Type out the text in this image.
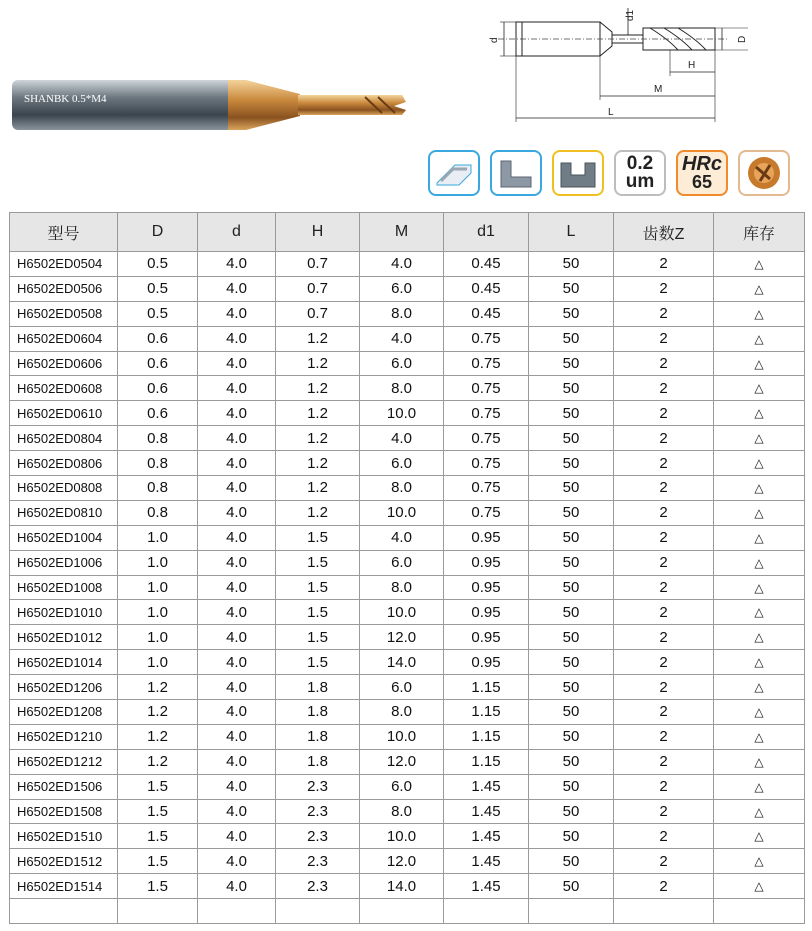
SHANBK 0.5*M4
d
d1
D
H
M
L
0.2
um
HRc
65
型号	D	d	H	M	d1	L	齿数Z	库存
H6502ED0504	0.5	4.0	0.7	4.0	0.45	50	2	△
H6502ED0506	0.5	4.0	0.7	6.0	0.45	50	2	△
H6502ED0508	0.5	4.0	0.7	8.0	0.45	50	2	△
H6502ED0604	0.6	4.0	1.2	4.0	0.75	50	2	△
H6502ED0606	0.6	4.0	1.2	6.0	0.75	50	2	△
H6502ED0608	0.6	4.0	1.2	8.0	0.75	50	2	△
H6502ED0610	0.6	4.0	1.2	10.0	0.75	50	2	△
H6502ED0804	0.8	4.0	1.2	4.0	0.75	50	2	△
H6502ED0806	0.8	4.0	1.2	6.0	0.75	50	2	△
H6502ED0808	0.8	4.0	1.2	8.0	0.75	50	2	△
H6502ED0810	0.8	4.0	1.2	10.0	0.75	50	2	△
H6502ED1004	1.0	4.0	1.5	4.0	0.95	50	2	△
H6502ED1006	1.0	4.0	1.5	6.0	0.95	50	2	△
H6502ED1008	1.0	4.0	1.5	8.0	0.95	50	2	△
H6502ED1010	1.0	4.0	1.5	10.0	0.95	50	2	△
H6502ED1012	1.0	4.0	1.5	12.0	0.95	50	2	△
H6502ED1014	1.0	4.0	1.5	14.0	0.95	50	2	△
H6502ED1206	1.2	4.0	1.8	6.0	1.15	50	2	△
H6502ED1208	1.2	4.0	1.8	8.0	1.15	50	2	△
H6502ED1210	1.2	4.0	1.8	10.0	1.15	50	2	△
H6502ED1212	1.2	4.0	1.8	12.0	1.15	50	2	△
H6502ED1506	1.5	4.0	2.3	6.0	1.45	50	2	△
H6502ED1508	1.5	4.0	2.3	8.0	1.45	50	2	△
H6502ED1510	1.5	4.0	2.3	10.0	1.45	50	2	△
H6502ED1512	1.5	4.0	2.3	12.0	1.45	50	2	△
H6502ED1514	1.5	4.0	2.3	14.0	1.45	50	2	△
